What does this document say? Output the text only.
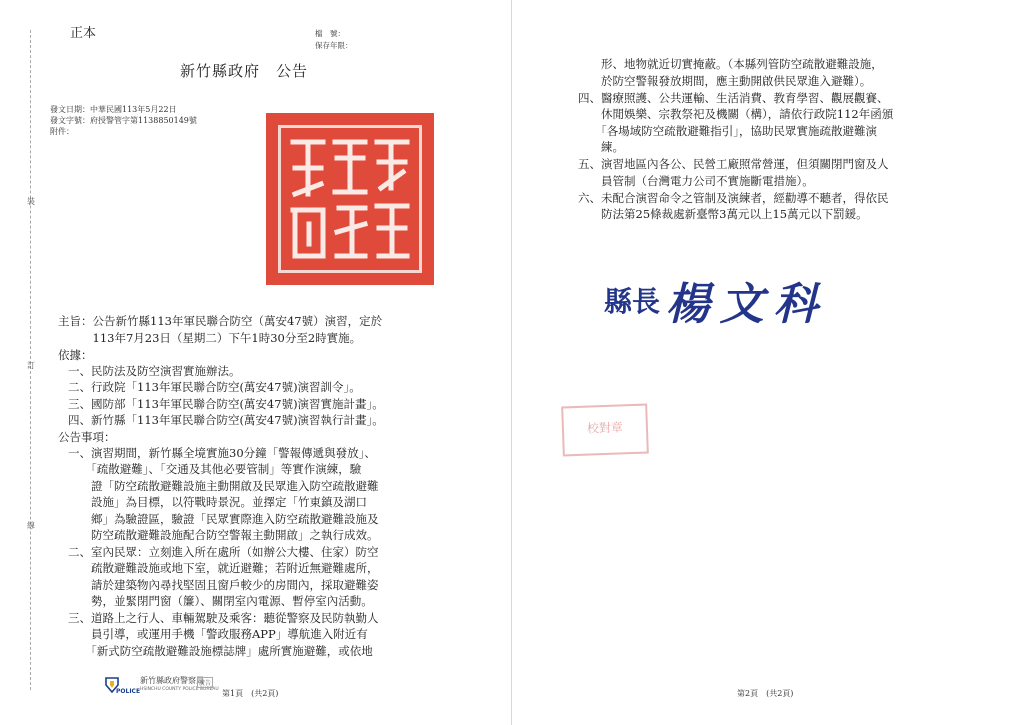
裝
訂
線
正本	檔　號：
保存年限：
新竹縣政府　公告
發文日期：中華民國113年5月22日
發文字號：府授警管字第1138850149號
附件：
主旨：公告新竹縣113年軍民聯合防空（萬安47號）演習，定於
　　　113年7月23日（星期二）下午1時30分至2時實施。
依據：
一、民防法及防空演習實施辦法。
二、行政院「113年軍民聯合防空(萬安47號)演習訓令」。
三、國防部「113年軍民聯合防空(萬安47號)演習實施計畫」。
四、新竹縣「113年軍民聯合防空(萬安47號)演習執行計畫」。
公告事項：
一、演習期間，新竹縣全境實施30分鐘「警報傳遞與發放」、
　　「疏散避難」、「交通及其他必要管制」等實作演練，驗
　　證「防空疏散避難設施主動開啟及民眾進入防空疏散避難
　　設施」為目標，以符戰時景況。並擇定「竹東鎮及湖口
　　鄉」為驗證區，驗證「民眾實際進入防空疏散避難設施及
　　防空疏散避難設施配合防空警報主動開啟」之執行成效。
二、室內民眾：立刻進入所在處所（如辦公大樓、住家）防空
　　疏散避難設施或地下室，就近避難；若附近無避難處所，
　　請於建築物內尋找堅固且窗戶較少的房間內，採取避難姿
　　勢，並緊閉門窗（簾）、關閉室內電源、暫停室內活動。
三、道路上之行人、車輛駕駛及乘客：聽從警察及民防執勤人
　　員引導，或運用手機「警政服務APP」導航進入附近有
　　「新式防空疏散避難設施標誌牌」處所實施避難，或依地
POLICE
新竹縣政府警察局
HSINCHU COUNTY POLICE BUREAU
廣告
第1頁　(共2頁)
　　形、地物就近切實掩蔽。（本縣列管防空疏散避難設施，
　　於防空警報發放期間，應主動開啟供民眾進入避難）。
四、醫療照護、公共運輸、生活消費、教育學習、觀展觀賽、
　　休閒娛樂、宗教祭祀及機關（構），請依行政院112年函頒
　　「各場域防空疏散避難指引」，協助民眾實施疏散避難演
　　練。
五、演習地區內各公、民營工廠照常營運，但須關閉門窗及人
　　員管制（台灣電力公司不實施斷電措施）。
六、未配合演習命令之管制及演練者，經勸導不聽者，得依民
　　防法第25條裁處新臺幣3萬元以上15萬元以下罰鍰。
縣長 楊文科
校對章
第2頁　(共2頁)
